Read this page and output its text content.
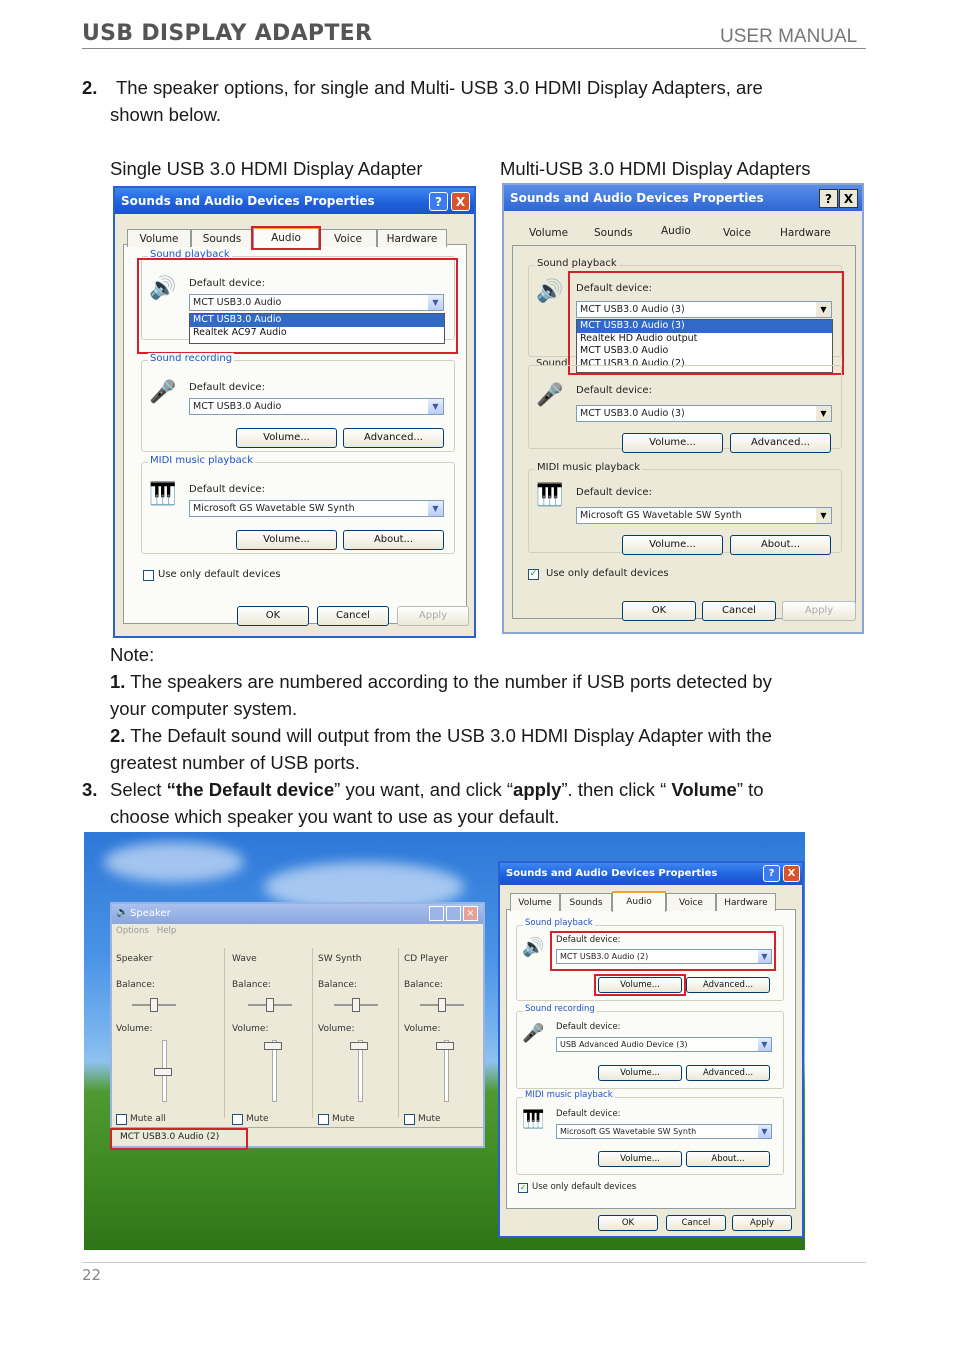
USB DISPLAY ADAPTER	USER MANUAL
2. The speaker options, for single and Multi- USB 3.0 HDMI Display Adapters, are
shown below.
Single USB 3.0 HDMI Display Adapter	Multi-USB 3.0 HDMI Display Adapters
Sounds and Audio Devices Properties	?	X
Volume	Sounds	Audio	Voice	Hardware
Sound playback
🔊 Default device:
MCT USB3.0 Audio	▼
MCT USB3.0 Audio
Realtek AC97 Audio
Sound recording
🎤 Default device:
MCT USB3.0 Audio	▼
Volume...	Advanced...
MIDI music playback
🎹 Default device:
Microsoft GS Wavetable SW Synth	▼
Volume...	About...
Use only default devices
OK	Cancel	Apply
Sounds and Audio Devices Properties	? X
Volume Sounds	Audio	Voice	Hardware
Sound playback
🔊 Default device:
MCT USB3.0 Audio (3)	▼
MCT USB3.0 Audio (3)
Realtek HD Audio output
MCT USB3.0 Audio
MCT USB3.0 Audio (2)
Sound
🎤 Default device:
MCT USB3.0 Audio (3)	▼
Volume...	Advanced...
MIDI music playback
🎹 Default device:
Microsoft GS Wavetable SW Synth	▼
Volume...	About...
✓ Use only default devices
OK	Cancel	Apply
Note:
1. The speakers are numbered according to the number if USB ports detected by
your computer system.
2. The Default sound will output from the USB 3.0 HDMI Display Adapter with the
greatest number of USB ports.
3. Select “the Default device” you want, and click “apply”. then click “ Volume” to
choose which speaker you want to use as your default.
Speaker
🔈	×
Options Help
Speaker
Balance:
Volume:
Mute all
Wave
Balance:
Volume:
Mute
SW Synth
Balance:
Volume:
Mute
CD Player
Balance:
Volume:
Mute
MCT USB3.0 Audio (2)
Sounds and Audio Devices Properties	?	X
Volume	Sounds	Audio	Voice	Hardware
Sound playback
🔊 Default device:
MCT USB3.0 Audio (2)	▼
Volume...	Advanced...
Sound recording
🎤 Default device:
USB Advanced Audio Device (3)	▼
Volume...	Advanced...
MIDI music playback
🎹 Default device:
Microsoft GS Wavetable SW Synth	▼
Volume...	About...
✓ Use only default devices
OK	Cancel	Apply
22
